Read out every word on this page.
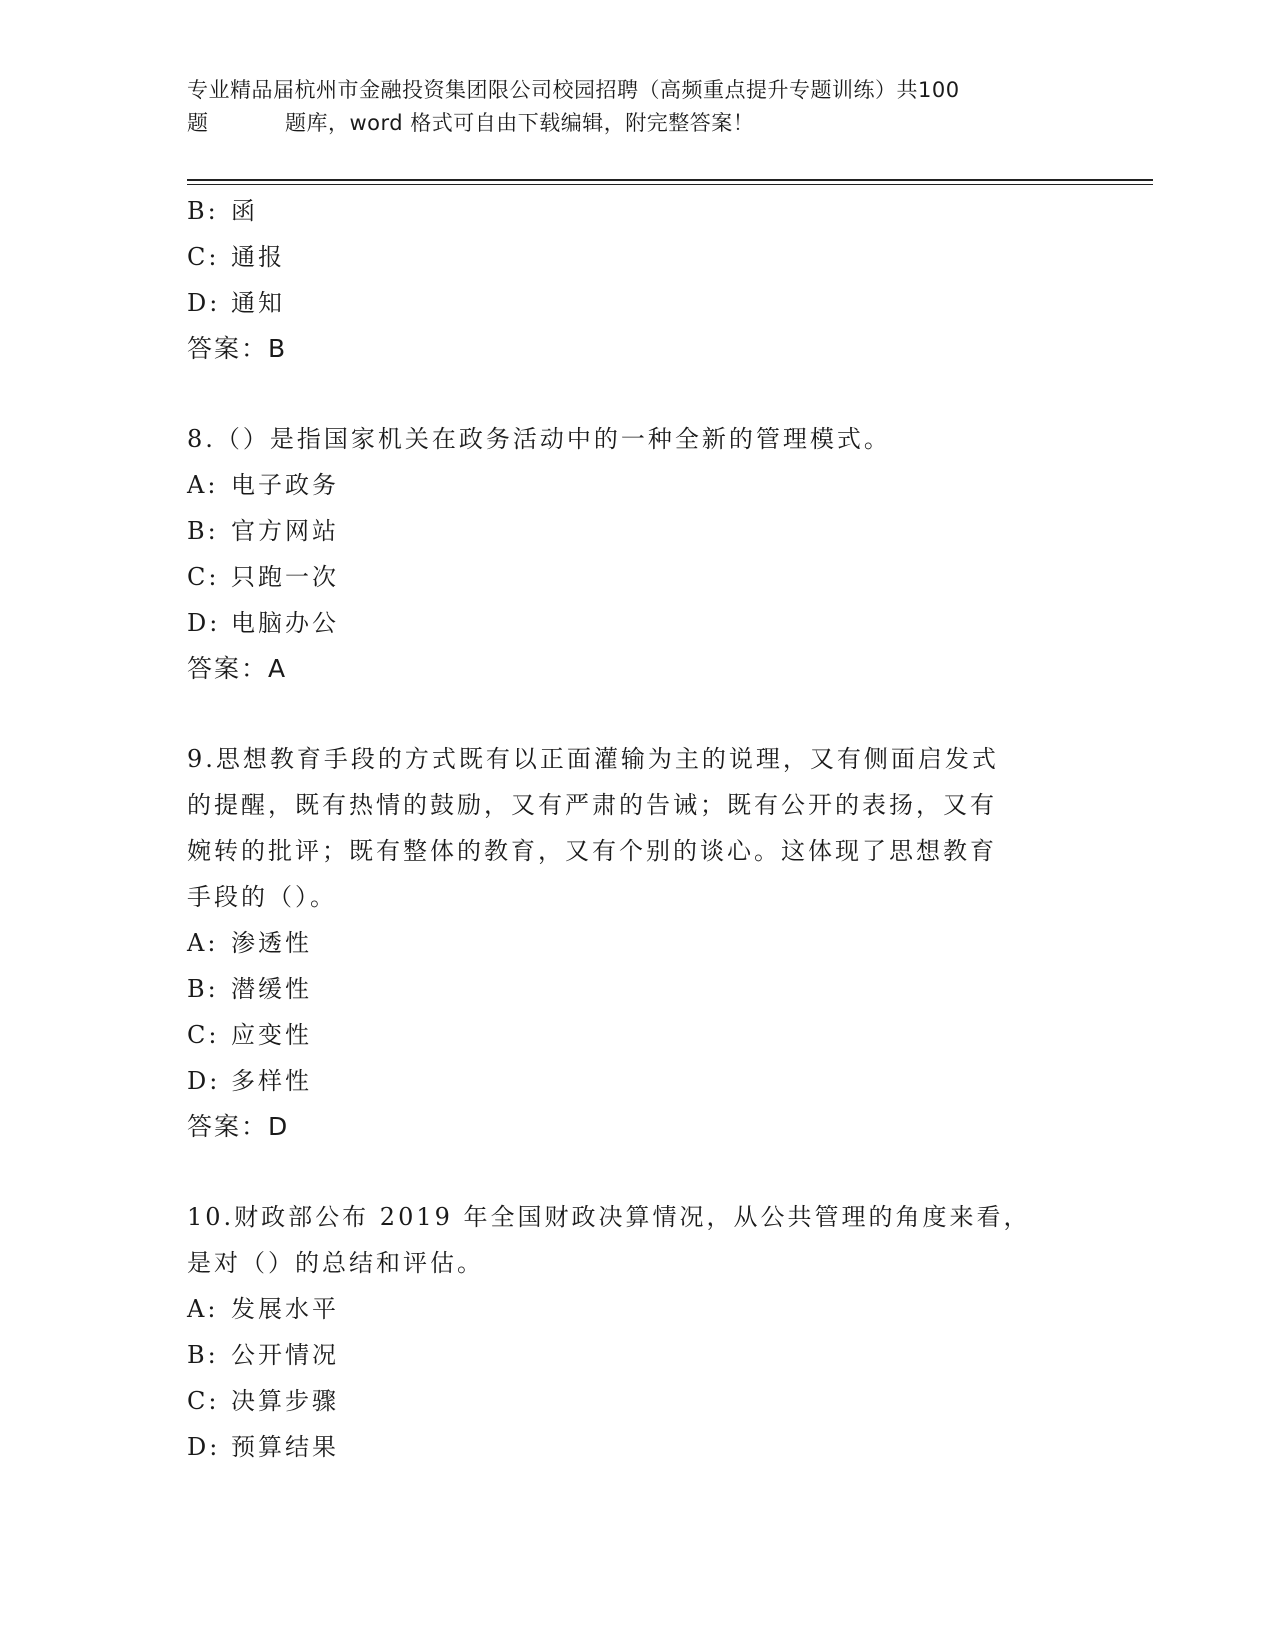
专业精品届杭州市金融投资集团限公司校园招聘（高频重点提升专题训练）共100
题	题库，word 格式可自由下载编辑，附完整答案！
B: 函
C: 通报
D: 通知
答案：B
8.（）是指国家机关在政务活动中的一种全新的管理模式。
A: 电子政务
B: 官方网站
C: 只跑一次
D: 电脑办公
答案：A
9.思想教育手段的方式既有以正面灌输为主的说理，又有侧面启发式
的提醒，既有热情的鼓励，又有严肃的告诫；既有公开的表扬，又有
婉转的批评；既有整体的教育，又有个别的谈心。这体现了思想教育
手段的（）。
A: 渗透性
B: 潜缓性
C: 应变性
D: 多样性
答案：D
10.财政部公布 2019 年全国财政决算情况，从公共管理的角度来看，
是对（）的总结和评估。
A: 发展水平
B: 公开情况
C: 决算步骤
D: 预算结果
